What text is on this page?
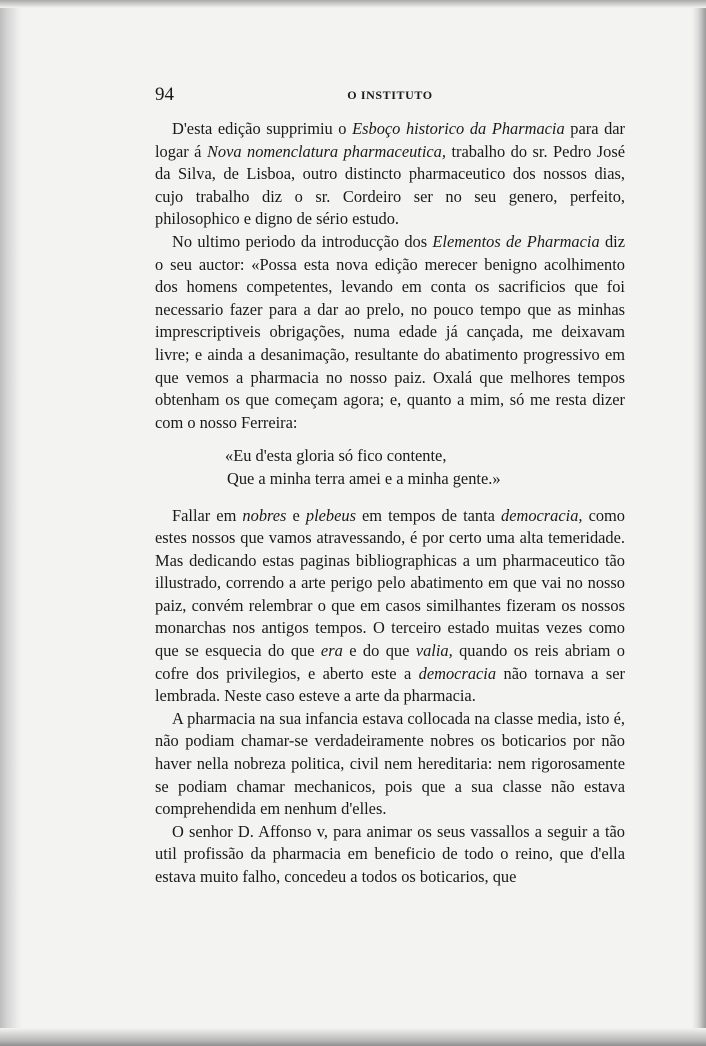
94	O INSTITUTO

D'esta edição supprimiu o Esboço historico da Pharmacia para dar logar á Nova nomenclatura pharmaceutica, trabalho do sr. Pedro José da Silva, de Lisboa, outro distincto pharmaceutico dos nossos dias, cujo trabalho diz o sr. Cordeiro ser no seu genero, perfeito, philosophico e digno de sério estudo.

No ultimo periodo da introducção dos Elementos de Pharmacia diz o seu auctor: «Possa esta nova edição merecer benigno acolhimento dos homens competentes, levando em conta os sacrificios que foi necessario fazer para a dar ao prelo, no pouco tempo que as minhas imprescriptiveis obrigações, numa edade já cançada, me deixavam livre; e ainda a desanimação, resultante do abatimento progressivo em que vemos a pharmacia no nosso paiz. Oxalá que melhores tempos obtenham os que começam agora; e, quanto a mim, só me resta dizer com o nosso Ferreira:

«Eu d'esta gloria só fico contente,
Que a minha terra amei e a minha gente.»

Fallar em nobres e plebeus em tempos de tanta democracia, como estes nossos que vamos atravessando, é por certo uma alta temeridade. Mas dedicando estas paginas bibliographicas a um pharmaceutico tão illustrado, correndo a arte perigo pelo abatimento em que vai no nosso paiz, convém relembrar o que em casos similhantes fizeram os nossos monarchas nos antigos tempos. O terceiro estado muitas vezes como que se esquecia do que era e do que valia, quando os reis abriam o cofre dos privilegios, e aberto este a democracia não tornava a ser lembrada. Neste caso esteve a arte da pharmacia.

A pharmacia na sua infancia estava collocada na classe media, isto é, não podiam chamar-se verdadeiramente nobres os boticarios por não haver nella nobreza politica, civil nem hereditaria: nem rigorosamente se podiam chamar mechanicos, pois que a sua classe não estava comprehendida em nenhum d'elles.

O senhor D. Affonso v, para animar os seus vassallos a seguir a tão util profissão da pharmacia em beneficio de todo o reino, que d'ella estava muito falho, concedeu a todos os boticarios, que
